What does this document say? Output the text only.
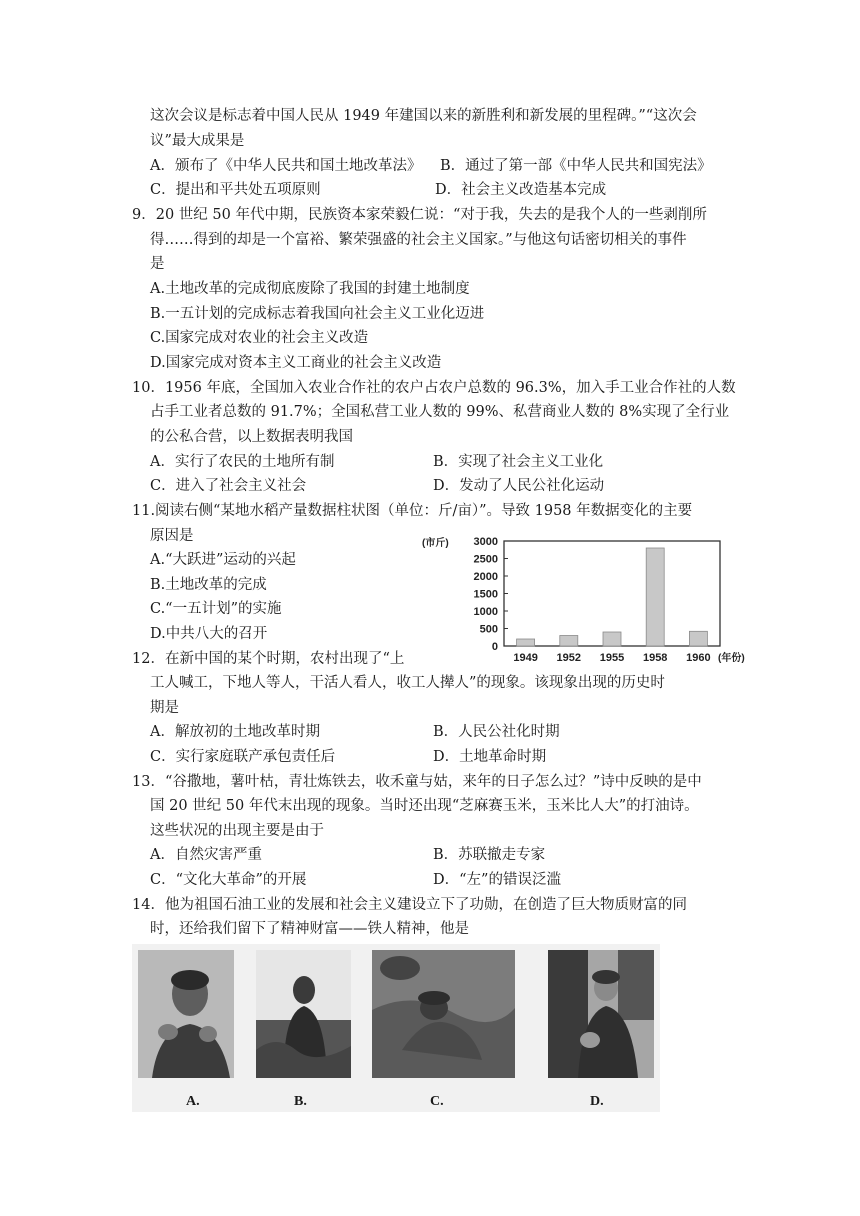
这次会议是标志着中国人民从 1949 年建国以来的新胜利和新发展的里程碑。”“这次会
议”最大成果是
A．颁布了《中华人民共和国土地改革法》 B．通过了第一部《中华人民共和国宪法》
C．提出和平共处五项原则	D．社会主义改造基本完成
9．20 世纪 50 年代中期，民族资本家荣毅仁说：“对于我，失去的是我个人的一些剥削所
得……得到的却是一个富裕、繁荣强盛的社会主义国家。”与他这句话密切相关的事件
是
A.土地改革的完成彻底废除了我国的封建土地制度
B.一五计划的完成标志着我国向社会主义工业化迈进
C.国家完成对农业的社会主义改造
D.国家完成对资本主义工商业的社会主义改造
10．1956 年底，全国加入农业合作社的农户占农户总数的 96.3%，加入手工业合作社的人数
占手工业者总数的 91.7%；全国私营工业人数的 99%、私营商业人数的 8%实现了全行业
的公私合营，以上数据表明我国
A．实行了农民的土地所有制	B．实现了社会主义工业化
C．进入了社会主义社会	D．发动了人民公社化运动
11.阅读右侧“某地水稻产量数据柱状图（单位：斤/亩）”。导致 1958 年数据变化的主要
原因是
A.“大跃进”运动的兴起
B.土地改革的完成
C.“一五计划”的实施
D.中共八大的召开
12．在新中国的某个时期，农村出现了“上
工人喊工，下地人等人，干活人看人，收工人撵人”的现象。该现象出现的历史时
期是
A．解放初的土地改革时期	B．人民公社化时期
C．实行家庭联产承包责任后	D．土地革命时期
13．“谷撒地，薯叶枯，青壮炼铁去，收禾童与姑，来年的日子怎么过？”诗中反映的是中
国 20 世纪 50 年代末出现的现象。当时还出现“芝麻赛玉米，玉米比人大”的打油诗。
这些状况的出现主要是由于
A．自然灾害严重	B．苏联撤走专家
C．“文化大革命”的开展	D．“左”的错误泛滥
14．他为祖国石油工业的发展和社会主义建设立下了功勋，在创造了巨大物质财富的同
时，还给我们留下了精神财富——铁人精神，他是
0
500
1000
1500
2000
2500
3000
(市斤)
1949 1952 1955 1958 1960 (年份)
A.	B.	C.	D.
